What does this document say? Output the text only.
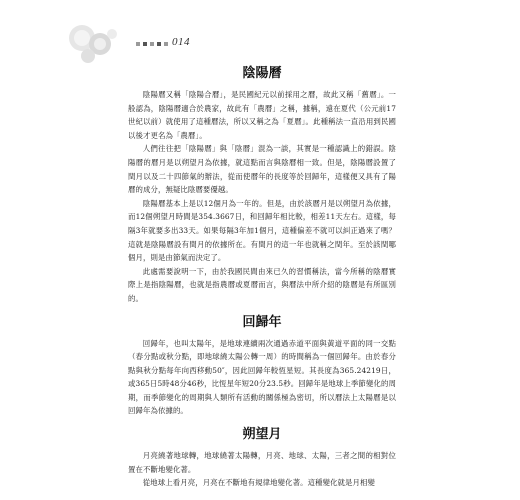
014
陰陽曆

陰陽曆又稱「陰陽合曆」，是民國紀元以前採用之曆，故此又稱「舊曆」。一般認為，陰陽曆適合於農家，故此有「農曆」之稱，據稱，遠在夏代（公元前17世紀以前）就使用了這種曆法，所以又稱之為「夏曆」。此種稱法一直沿用到民國以後才更名為「農曆」。

人們往往把「陰陽曆」與「陰曆」混為一談，其實是一種認識上的錯誤。陰陽曆的曆月是以朔望月為依據，就這點而言與陰曆相一致。但是，陰陽曆設置了閏月以及二十四節氣的辦法，從而使曆年的長度等於回歸年，這樣便又具有了陽曆的成分，無疑比陰曆要優越。

陰陽曆基本上是以12個月為一年的。但是，由於該曆月是以朔望月為依據，而12個朔望月時間是354.3667日，和回歸年相比較，相差11天左右。這樣，每隔3年就要多出33天。如果每隔3年加1個月，這種偏差不就可以糾正過來了嗎？這就是陰陽曆設有閏月的依據所在。有閏月的這一年也就稱之閏年。至於該閏哪個月，則是由節氣而決定了。

此處需要說明一下，由於我國民間由來已久的習慣稱法，當今所稱的陰曆實際上是指陰陽曆，也就是指農曆或夏曆而言，與曆法中所介紹的陰曆是有所區別的。

回歸年

回歸年，也叫太陽年，是地球連續兩次通過赤道平面與黃道平面的同一交點（春分點或秋分點，即地球繞太陽公轉一周）的時間稱為一個回歸年。由於春分點與秋分點每年向西移動50″，因此回歸年較恆星短。其長度為365.24219日，或365日5時48分46秒，比恆星年短20分23.5秒。回歸年是地球上季節變化的周期，而季節變化的周期與人類所有活動的關係極為密切，所以曆法上太陽曆是以回歸年為依據的。

朔望月

月亮繞著地球轉，地球繞著太陽轉，月亮、地球、太陽，三者之間的相對位置在不斷地變化著。

從地球上看月亮，月亮在不斷地有規律地變化著。這種變化就是月相變
